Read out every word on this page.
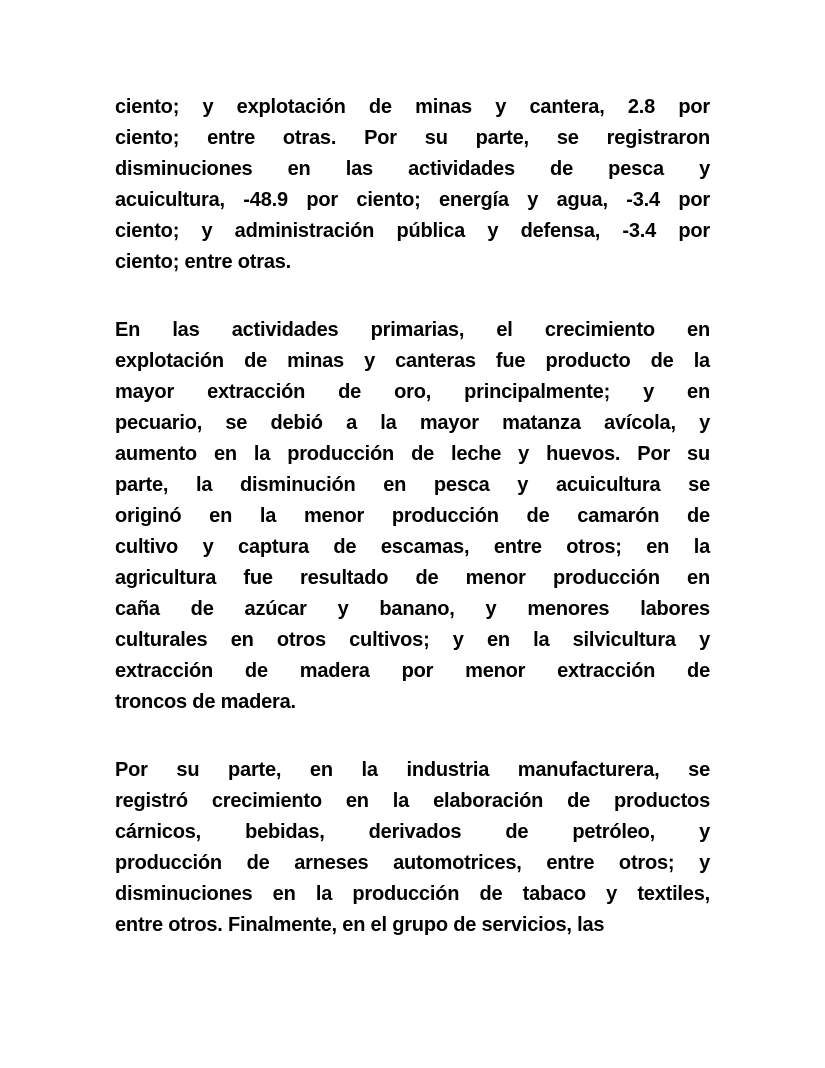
ciento; y explotación de minas y cantera, 2.8 por
ciento; entre otras. Por su parte, se registraron
disminuciones en las actividades de pesca y
acuicultura, -48.9 por ciento; energía y agua, -3.4 por
ciento; y administración pública y defensa, -3.4 por
ciento; entre otras.
En las actividades primarias, el crecimiento en
explotación de minas y canteras fue producto de la
mayor extracción de oro, principalmente; y en
pecuario, se debió a la mayor matanza avícola, y
aumento en la producción de leche y huevos. Por su
parte, la disminución en pesca y acuicultura se
originó en la menor producción de camarón de
cultivo y captura de escamas, entre otros; en la
agricultura fue resultado de menor producción en
caña de azúcar y banano, y menores labores
culturales en otros cultivos; y en la silvicultura y
extracción de madera por menor extracción de
troncos de madera.
Por su parte, en la industria manufacturera, se
registró crecimiento en la elaboración de productos
cárnicos, bebidas, derivados de petróleo, y
producción de arneses automotrices, entre otros; y
disminuciones en la producción de tabaco y textiles,
entre otros. Finalmente, en el grupo de servicios, las
